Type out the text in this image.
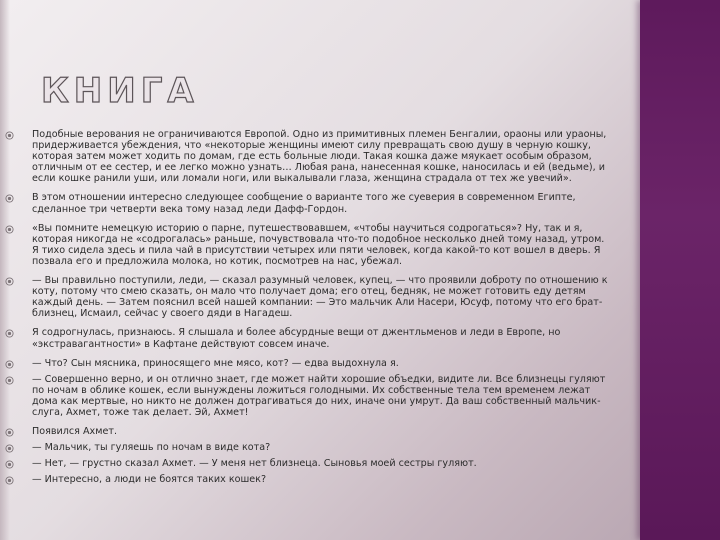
КНИГА
Подобные верования не ограничиваются Европой. Одно из примитивных племен Бенгалии, ораоны или ураоны, придерживается убеждения, что «некоторые женщины имеют силу превращать свою душу в черную кошку, которая затем может ходить по домам, где есть больные люди. Такая кошка даже мяукает особым образом, отличным от ее сестер, и ее легко можно узнать… Любая рана, нанесенная кошке, наносилась и ей (ведьме), и если кошке ранили уши, или ломали ноги, или выкалывали глаза, женщина страдала от тех же увечий».
В этом отношении интересно следующее сообщение о варианте того же суеверия в современном Египте, сделанное три четверти века тому назад леди Дафф-Гордон.
«Вы помните немецкую историю о парне, путешествовавшем, «чтобы научиться содрогаться»? Ну, так и я, которая никогда не «содрогалась» раньше, почувствовала что-то подобное несколько дней тому назад, утром. Я тихо сидела здесь и пила чай в присутствии четырех или пяти человек, когда какой-то кот вошел в дверь. Я позвала его и предложила молока, но котик, посмотрев на нас, убежал.
— Вы правильно поступили, леди, — сказал разумный человек, купец, — что проявили доброту по отношению к коту, потому что смею сказать, он мало что получает дома; его отец, бедняк, не может готовить еду детям каждый день. — Затем пояснил всей нашей компании: — Это мальчик Али Насери, Юсуф, потому что его брат-близнец, Исмаил, сейчас у своего дяди в Нагадеш.
Я содрогнулась, признаюсь. Я слышала и более абсурдные вещи от джентльменов и леди в Европе, но «экстравагантности» в Кафтане действуют совсем иначе.
— Что? Сын мясника, приносящего мне мясо, кот? — едва выдохнула я.
— Совершенно верно, и он отлично знает, где может найти хорошие объедки, видите ли. Все близнецы гуляют по ночам в облике кошек, если вынуждены ложиться голодными. Их собственные тела тем временем лежат дома как мертвые, но никто не должен дотрагиваться до них, иначе они умрут. Да ваш собственный мальчик-слуга, Ахмет, тоже так делает. Эй, Ахмет!
Появился Ахмет.
— Мальчик, ты гуляешь по ночам в виде кота?
— Нет, — грустно сказал Ахмет. — У меня нет близнеца. Сыновья моей сестры гуляют.
— Интересно, а люди не боятся таких кошек?
